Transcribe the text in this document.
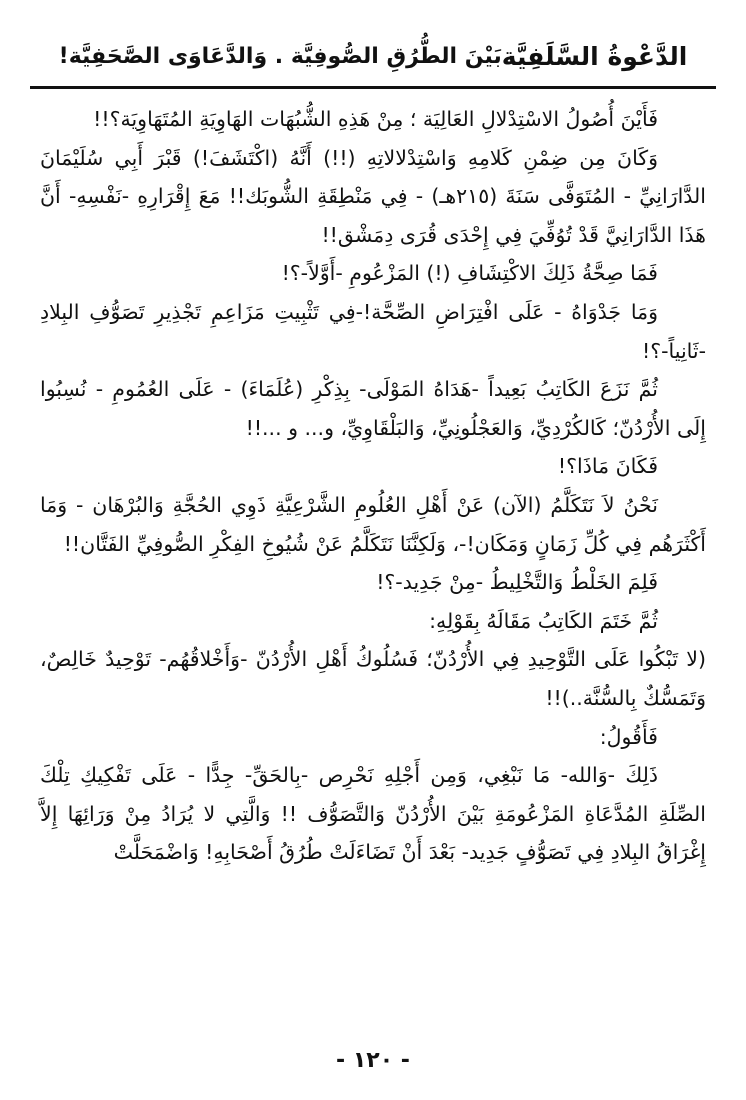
الدَّعْوةُ السَّلَفِيَّة
بَيْنَ الطُّرُقِ الصُّوفِيَّة . وَالدَّعَاوَى الصَّحَفِيَّة!

فَأَيْنَ أُصُولُ الاسْتِدْلالِ العَالِيَة ؛ مِنْ هَذِهِ الشُّبُهَات الهَاوِيَةِ المُتَهَاوِيَة؟!!

وَكَانَ مِن ضِمْنِ كَلامِهِ وَاسْتِدْلالاتِهِ (!!) أَنَّهُ (اكْتَشَفَ!) قَبْرَ أَبِي سُلَيْمَانَ الدَّارَانِيِّ - المُتَوَفَّى سَنَةَ (٢١٥هـ) - فِي مَنْطِقَةِ الشُّوبَك!! مَعَ إِقْرَارِهِ -نَفْسِهِ- أَنَّ هَذَا الدَّارَانِيَّ قَدْ تُوُفِّيَ فِي إِحْدَى قُرَى دِمَشْق!!

فَمَا صِحَّةُ ذَلِكَ الاكْتِشَافِ (!) المَزْعُومِ -أَوَّلاً-؟!

وَمَا جَدْوَاهُ - عَلَى افْتِرَاضِ الصِّحَّة!-فِي تَثْبِيتِ مَزَاعِمِ تَجْذِيرِ تَصَوُّفِ البِلادِ -ثَانِياً-؟!

ثُمَّ نَزَعَ الكَاتِبُ بَعِيداً -هَدَاهُ المَوْلَى- بِذِكْرِ (عُلَمَاءَ) - عَلَى العُمُومِ - نُسِبُوا إِلَى الأُرْدُنّ؛ كَالكُرْدِيِّ، وَالعَجْلُونِيِّ، وَالبَلْقَاوِيِّ، و... و ...!!

فَكَانَ مَاذَا؟!

نَحْنُ لاَ نَتَكَلَّمُ (الآن) عَنْ أَهْلِ العُلُومِ الشَّرْعِيَّةِ ذَوِي الحُجَّةِ وَالبُرْهَان - وَمَا أَكْثَرَهُم فِي كُلِّ زَمَانٍ وَمَكَان!-، وَلَكِنَّنَا نَتَكَلَّمُ عَنْ شُيُوخِ الفِكْرِ الصُّوفِيِّ الفَتَّان!!

فَلِمَ الخَلْطُ وَالتَّخْلِيطُ -مِنْ جَدِيد-؟!

ثُمَّ خَتَمَ الكَاتِبُ مَقَالَهُ بِقَوْلِهِ:

(لا تَبْكُوا عَلَى التَّوْحِيدِ فِي الأُرْدُنّ؛ فَسُلُوكُ أَهْلِ الأُرْدُنّ -وَأَخْلاقُهُم- تَوْحِيدٌ خَالِصٌ، وَتَمَسُّكٌ بِالسُّنَّة..)!!

فَأَقُولُ:

ذَلِكَ -وَالله- مَا نَبْغِي، وَمِن أَجْلِهِ نَحْرِص -بِالحَقِّ- جِدًّا - عَلَى تَفْكِيكِ تِلْكَ الصِّلَةِ المُدَّعَاةِ المَزْعُومَةِ بَيْنَ الأُرْدُنّ وَالتَّصَوُّف !! وَالَّتِي لا يُرَادُ مِنْ وَرَائِهَا إِلاَّ إِغْرَاقُ البِلادِ فِي تَصَوُّفٍ جَدِيد- بَعْدَ أَنْ تَضَاءَلَتْ طُرُقُ أَصْحَابِهِ! وَاضْمَحَلَّتْ

- ١٢٠ -
